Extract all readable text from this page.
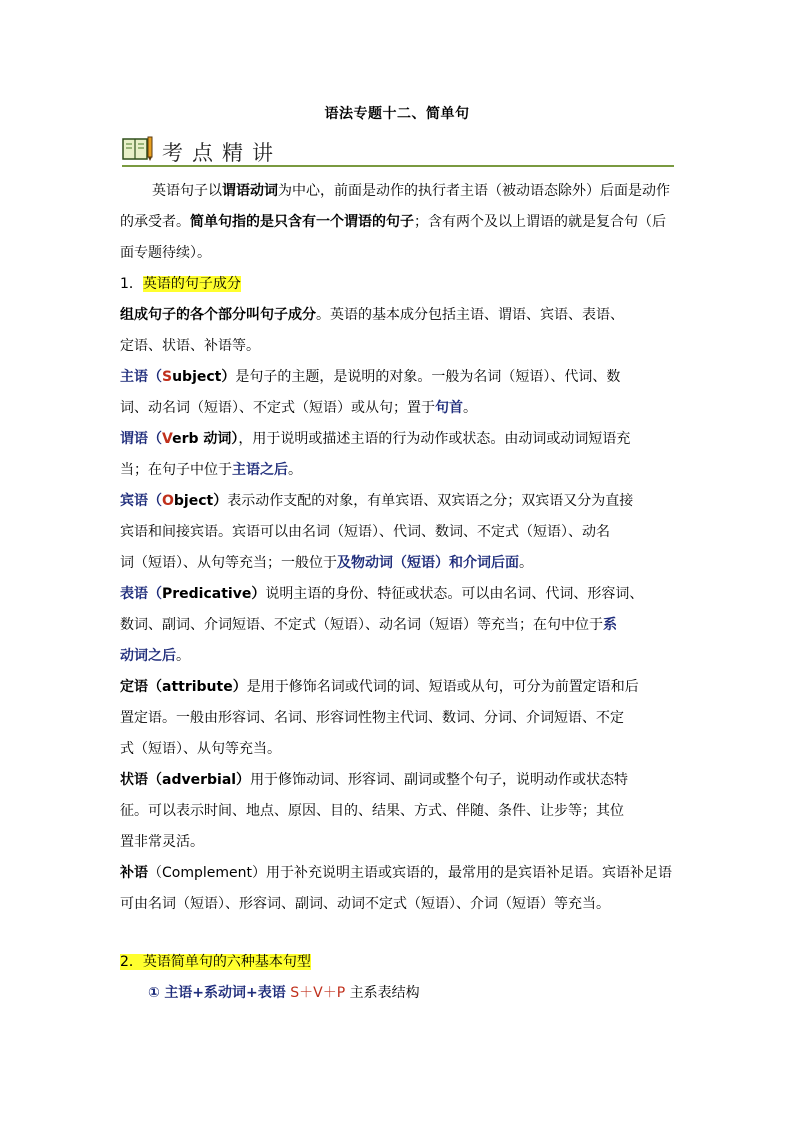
语法专题十二、简单句
考点精讲

英语句子以谓语动词为中心，前面是动作的执行者主语（被动语态除外）后面是动作

的承受者。简单句指的是只含有一个谓语的句子；含有两个及以上谓语的就是复合句（后

面专题待续）。

1．英语的句子成分

组成句子的各个部分叫句子成分。英语的基本成分包括主语、谓语、宾语、表语、

定语、状语、补语等。

主语（Subject）是句子的主题，是说明的对象。一般为名词（短语）、代词、数

词、动名词（短语）、不定式（短语）或从句；置于句首。

谓语（Verb 动词），用于说明或描述主语的行为动作或状态。由动词或动词短语充

当；在句子中位于主语之后。

宾语（Object）表示动作支配的对象，有单宾语、双宾语之分；双宾语又分为直接

宾语和间接宾语。宾语可以由名词（短语）、代词、数词、不定式（短语）、动名

词（短语）、从句等充当；一般位于及物动词（短语）和介词后面。

表语（Predicative）说明主语的身份、特征或状态。可以由名词、代词、形容词、

数词、副词、介词短语、不定式（短语）、动名词（短语）等充当；在句中位于系

动词之后。

定语（attribute）是用于修饰名词或代词的词、短语或从句，可分为前置定语和后

置定语。一般由形容词、名词、形容词性物主代词、数词、分词、介词短语、不定

式（短语）、从句等充当。

状语（adverbial）用于修饰动词、形容词、副词或整个句子，说明动作或状态特

征。可以表示时间、地点、原因、目的、结果、方式、伴随、条件、让步等；其位

置非常灵活。

补语（Complement）用于补充说明主语或宾语的，最常用的是宾语补足语。宾语补足语

可由名词（短语）、形容词、副词、动词不定式（短语）、介词（短语）等充当。

2．英语简单句的六种基本句型

① 主语+系动词+表语 S＋V＋P 主系表结构
